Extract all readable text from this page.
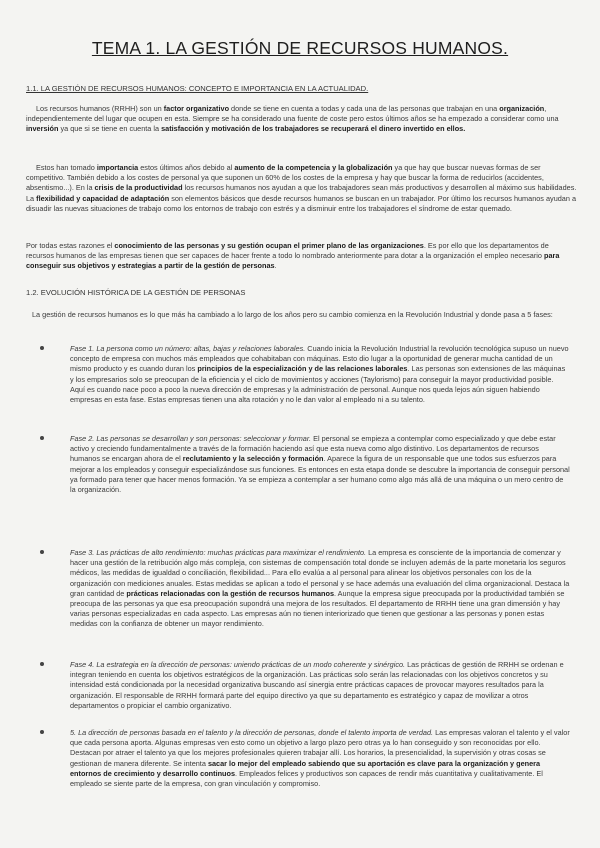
TEMA 1. LA GESTIÓN DE RECURSOS HUMANOS.
1.1. LA GESTIÓN DE RECURSOS HUMANOS: CONCEPTO E IMPORTANCIA EN LA ACTUALIDAD.

Los recursos humanos (RRHH) son un factor organizativo donde se tiene en cuenta a todas y cada una de las personas que trabajan en una organización, independientemente del lugar que ocupen en esta. Siempre se ha considerado una fuente de coste pero estos últimos años se ha empezado a considerar como una inversión ya que si se tiene en cuenta la satisfacción y motivación de los trabajadores se recuperará el dinero invertido en ellos.

Estos han tomado importancia estos últimos años debido al aumento de la competencia y la globalización ya que hay que buscar nuevas formas de ser competitivo. También debido a los costes de personal ya que suponen un 60% de los costes de la empresa y hay que buscar la forma de reducirlos (accidentes, absentismo...). En la crisis de la productividad los recursos humanos nos ayudan a que los trabajadores sean más productivos y desarrollen al máximo sus habilidades. La flexibilidad y capacidad de adaptación son elementos básicos que desde recursos humanos se buscan en un trabajador. Por último los recursos humanos ayudan a disuadir las nuevas situaciones de trabajo como los entornos de trabajo con estrés y a disminuir entre los trabajadores el síndrome de estar quemado.

Por todas estas razones el conocimiento de las personas y su gestión ocupan el primer plano de las organizaciones. Es por ello que los departamentos de recursos humanos de las empresas tienen que ser capaces de hacer frente a todo lo nombrado anteriormente para dotar a la organización el empleo necesario para conseguir sus objetivos y estrategias a partir de la gestión de personas.

1.2. EVOLUCIÓN HISTÓRICA DE LA GESTIÓN DE PERSONAS

La gestión de recursos humanos es lo que más ha cambiado a lo largo de los años pero su cambio comienza en la Revolución Industrial y donde pasa a 5 fases:

Fase 1. La persona como un número: altas, bajas y relaciones laborales. Cuando inicia la Revolución Industrial la revolución tecnológica supuso un nuevo concepto de empresa con muchos más empleados que cohabitaban con máquinas. Esto dio lugar a la oportunidad de generar mucha cantidad de un mismo producto y es cuando duran los principios de la especialización y de las relaciones laborales. Las personas son extensiones de las máquinas y los empresarios solo se preocupan de la eficiencia y el ciclo de movimientos y acciones (Taylorismo) para conseguir la mayor productividad posible. Aquí es cuando nace poco a poco la nueva dirección de empresas y la administración de personal. Aunque nos queda lejos aún siguen habiendo empresas en esta fase. Estas empresas tienen una alta rotación y no le dan valor al empleado ni a su talento.
Fase 2. Las personas se desarrollan y son personas: seleccionar y formar. El personal se empieza a contemplar como especializado y que debe estar activo y creciendo fundamentalmente a través de la formación haciendo así que esta nueva como algo distintivo. Los departamentos de recursos humanos se encargan ahora de el reclutamiento y la selección y formación. Aparece la figura de un responsable que une todos sus esfuerzos para mejorar a los empleados y conseguir especializándose sus funciones. Es entonces en esta etapa donde se descubre la importancia de conseguir personal ya formado para tener que hacer menos formación. Ya se empieza a contemplar a ser humano como algo más allá de una máquina o un mero centro de la organización.
Fase 3. Las prácticas de alto rendimiento: muchas prácticas para maximizar el rendimiento. La empresa es consciente de la importancia de comenzar y hacer una gestión de la retribución algo más compleja, con sistemas de compensación total donde se incluyen además de la parte monetaria los seguros médicos, las medidas de igualdad o conciliación, flexibilidad... Para ello evalúa a al personal para alinear los objetivos personales con los de la organización con mediciones anuales. Estas medidas se aplican a todo el personal y se hace además una evaluación del clima organizacional. Destaca la gran cantidad de prácticas relacionadas con la gestión de recursos humanos. Aunque la empresa sigue preocupada por la productividad también se preocupa de las personas ya que esa preocupación supondrá una mejora de los resultados. El departamento de RRHH tiene una gran dimensión y hay varias personas especializadas en cada aspecto. Las empresas aún no tienen interiorizado que tienen que gestionar a las personas y ponen estas medidas con la confianza de obtener un mayor rendimiento.
Fase 4. La estrategia en la dirección de personas: uniendo prácticas de un modo coherente y sinérgico. Las prácticas de gestión de RRHH se ordenan e integran teniendo en cuenta los objetivos estratégicos de la organización. Las prácticas solo serán las relacionadas con los objetivos concretos y su intensidad está condicionada por la necesidad organizativa buscando así sinergia entre prácticas capaces de provocar mayores resultados para la organización. El responsable de RRHH formará parte del equipo directivo ya que su departamento es estratégico y capaz de movilizar a otros departamentos o propiciar el cambio organizativo.
5. La dirección de personas basada en el talento y la dirección de personas, donde el talento importa de verdad. Las empresas valoran el talento y el valor que cada persona aporta. Algunas empresas ven esto como un objetivo a largo plazo pero otras ya lo han conseguido y son reconocidas por ello. Destacan por atraer el talento ya que los mejores profesionales quieren trabajar allí. Los horarios, la presencialidad, la supervisión y otras cosas se gestionan de manera diferente. Se intenta sacar lo mejor del empleado sabiendo que su aportación es clave para la organización y genera entornos de crecimiento y desarrollo continuos. Empleados felices y productivos son capaces de rendir más cuantitativa y cualitativamente. El empleado se siente parte de la empresa, con gran vinculación y compromiso.
